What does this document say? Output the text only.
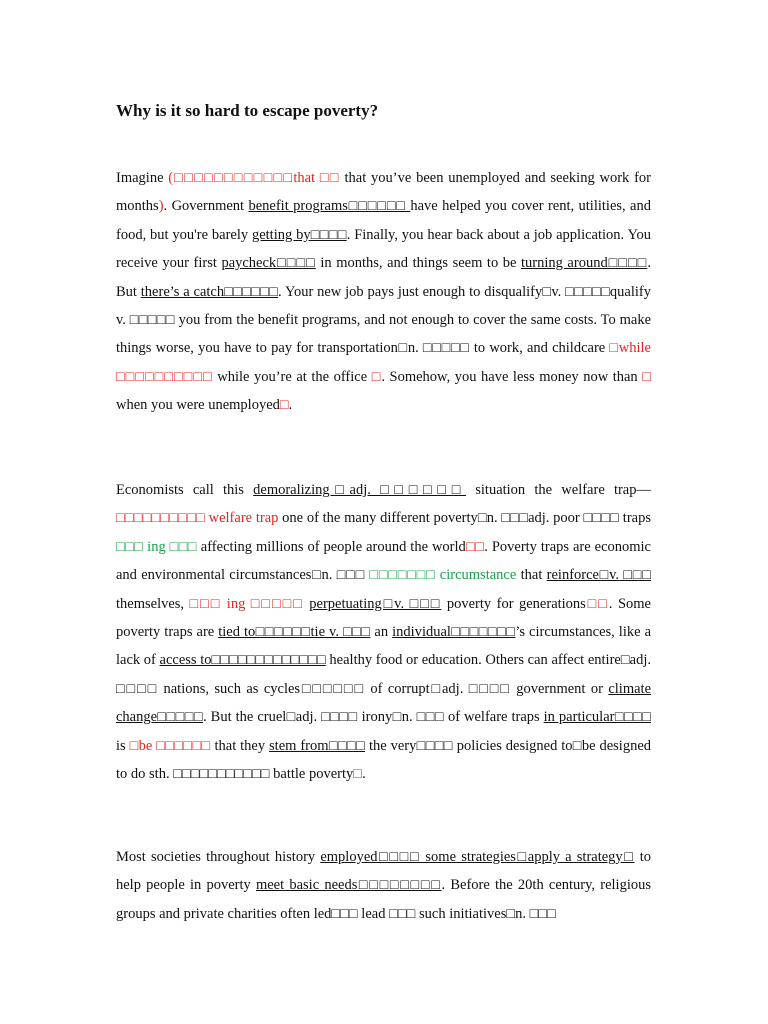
Why is it so hard to escape poverty?

Imagine (□□□□□□□□□□□□that □□ that you’ve been unemployed and seeking work for months). Government benefit programs□□□□□□ have helped you cover rent, utilities, and food, but you're barely getting by□□□□. Finally, you hear back about a job application. You receive your first paycheck□□□□ in months, and things seem to be turning around□□□□. But there’s a catch□□□□□□. Your new job pays just enough to disqualify□v. □□□□□qualify v. □□□□□ you from the benefit programs, and not enough to cover the same costs. To make things worse, you have to pay for transportation□n. □□□□□ to work, and childcare □while □□□□□□□□□□ while you’re at the office □. Somehow, you have less money now than □ when you were unemployed□.

Economists call this demoralizing□adj. □□□□□□ situation the welfare trap— □□□□□□□□□□ welfare trap one of the many different poverty□n. □□□adj. poor □□□□ traps □□□ ing □□□ affecting millions of people around the world□□. Poverty traps are economic and environmental circumstances□n. □□□ □□□□□□□ circumstance that reinforce□v. □□□ themselves, □□□ ing □□□□□ perpetuating□v. □□□ poverty for generations□□. Some poverty traps are tied to□□□□□□tie v. □□□ an individual□□□□□□□’s circumstances, like a lack of access to□□□□□□□□□□□□□ healthy food or education. Others can affect entire□adj. □□□□ nations, such as cycles□□□□□□ of corrupt□adj. □□□□ government or climate change□□□□□. But the cruel□adj. □□□□ irony□n. □□□ of welfare traps in particular□□□□ is □be □□□□□□ that they stem from□□□□ the very□□□□ policies designed to□be designed to do sth. □□□□□□□□□□□ battle poverty□.

Most societies throughout history employed□□□□ some strategies□apply a strategy□ to help people in poverty meet basic needs□□□□□□□□. Before the 20th century, religious groups and private charities often led□□□ lead □□□ such initiatives□n. □□□
